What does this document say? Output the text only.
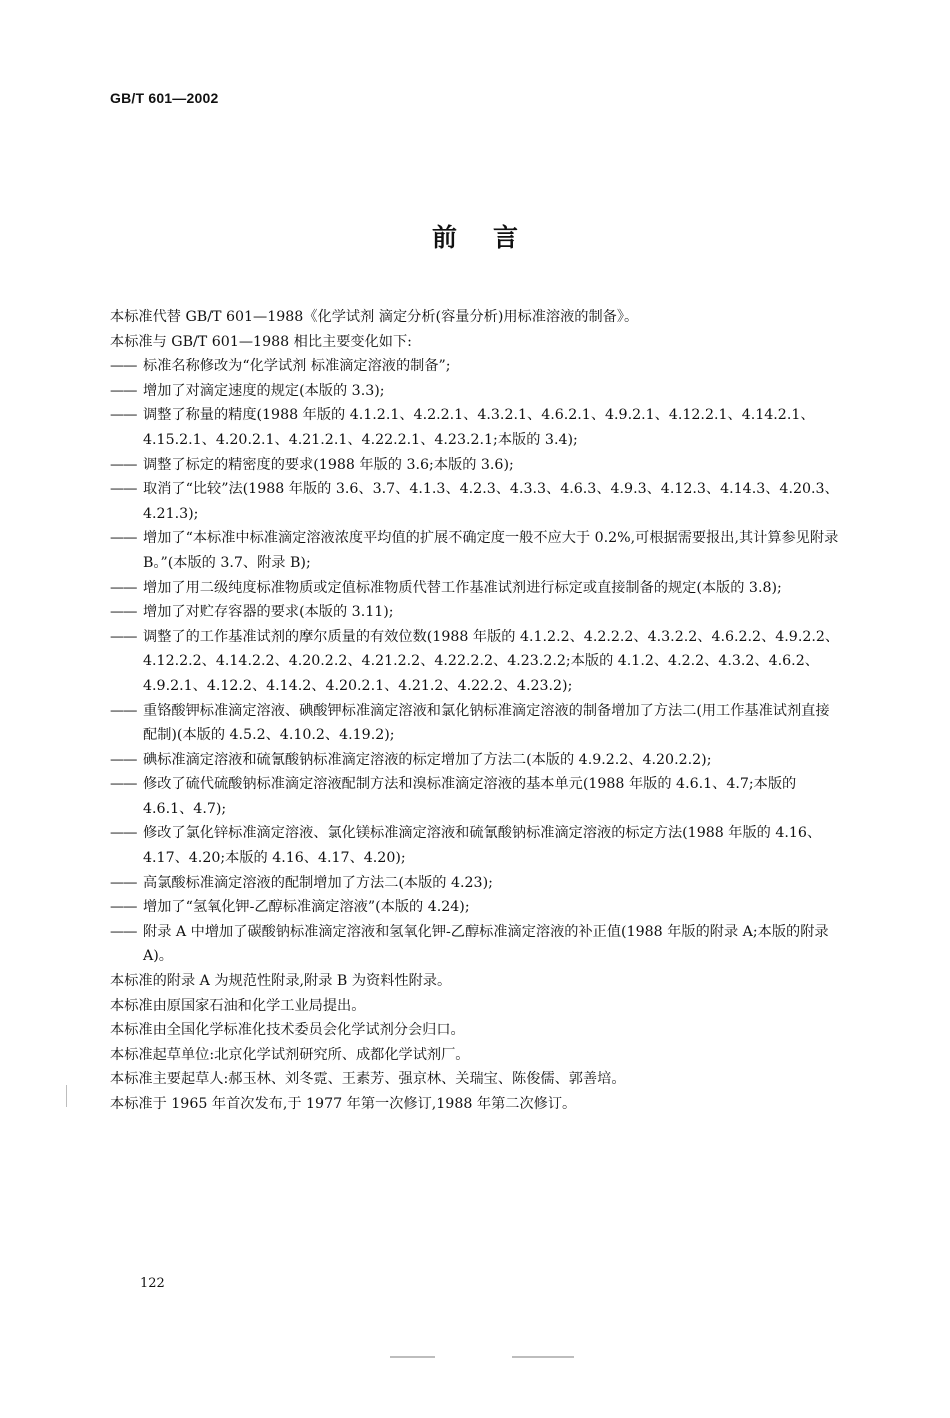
GB/T 601—2002
前言

本标准代替 GB/T 601—1988《化学试剂 滴定分析(容量分析)用标准溶液的制备》。

本标准与 GB/T 601—1988 相比主要变化如下:

—— 标准名称修改为“化学试剂 标准滴定溶液的制备”;

—— 增加了对滴定速度的规定(本版的 3.3);

—— 调整了称量的精度(1988 年版的 4.1.2.1、4.2.2.1、4.3.2.1、4.6.2.1、4.9.2.1、4.12.2.1、4.14.2.1、4.15.2.1、4.20.2.1、4.21.2.1、4.22.2.1、4.23.2.1;本版的 3.4);

—— 调整了标定的精密度的要求(1988 年版的 3.6;本版的 3.6);

—— 取消了“比较”法(1988 年版的 3.6、3.7、4.1.3、4.2.3、4.3.3、4.6.3、4.9.3、4.12.3、4.14.3、4.20.3、4.21.3);

—— 增加了“本标准中标准滴定溶液浓度平均值的扩展不确定度一般不应大于 0.2%,可根据需要报出,其计算参见附录 B。”(本版的 3.7、附录 B);

—— 增加了用二级纯度标准物质或定值标准物质代替工作基准试剂进行标定或直接制备的规定(本版的 3.8);

—— 增加了对贮存容器的要求(本版的 3.11);

—— 调整了的工作基准试剂的摩尔质量的有效位数(1988 年版的 4.1.2.2、4.2.2.2、4.3.2.2、4.6.2.2、4.9.2.2、4.12.2.2、4.14.2.2、4.20.2.2、4.21.2.2、4.22.2.2、4.23.2.2;本版的 4.1.2、4.2.2、4.3.2、4.6.2、4.9.2.1、4.12.2、4.14.2、4.20.2.1、4.21.2、4.22.2、4.23.2);

—— 重铬酸钾标准滴定溶液、碘酸钾标准滴定溶液和氯化钠标准滴定溶液的制备增加了方法二(用工作基准试剂直接配制)(本版的 4.5.2、4.10.2、4.19.2);

—— 碘标准滴定溶液和硫氰酸钠标准滴定溶液的标定增加了方法二(本版的 4.9.2.2、4.20.2.2);

—— 修改了硫代硫酸钠标准滴定溶液配制方法和溴标准滴定溶液的基本单元(1988 年版的 4.6.1、4.7;本版的 4.6.1、4.7);

—— 修改了氯化锌标准滴定溶液、氯化镁标准滴定溶液和硫氰酸钠标准滴定溶液的标定方法(1988 年版的 4.16、4.17、4.20;本版的 4.16、4.17、4.20);

—— 高氯酸标准滴定溶液的配制增加了方法二(本版的 4.23);

—— 增加了“氢氧化钾-乙醇标准滴定溶液”(本版的 4.24);

—— 附录 A 中增加了碳酸钠标准滴定溶液和氢氧化钾-乙醇标准滴定溶液的补正值(1988 年版的附录 A;本版的附录 A)。

本标准的附录 A 为规范性附录,附录 B 为资料性附录。

本标准由原国家石油和化学工业局提出。

本标准由全国化学标准化技术委员会化学试剂分会归口。

本标准起草单位:北京化学试剂研究所、成都化学试剂厂。

本标准主要起草人:郝玉林、刘冬霓、王素芳、强京林、关瑞宝、陈俊儒、郭善培。

本标准于 1965 年首次发布,于 1977 年第一次修订,1988 年第二次修订。

122
